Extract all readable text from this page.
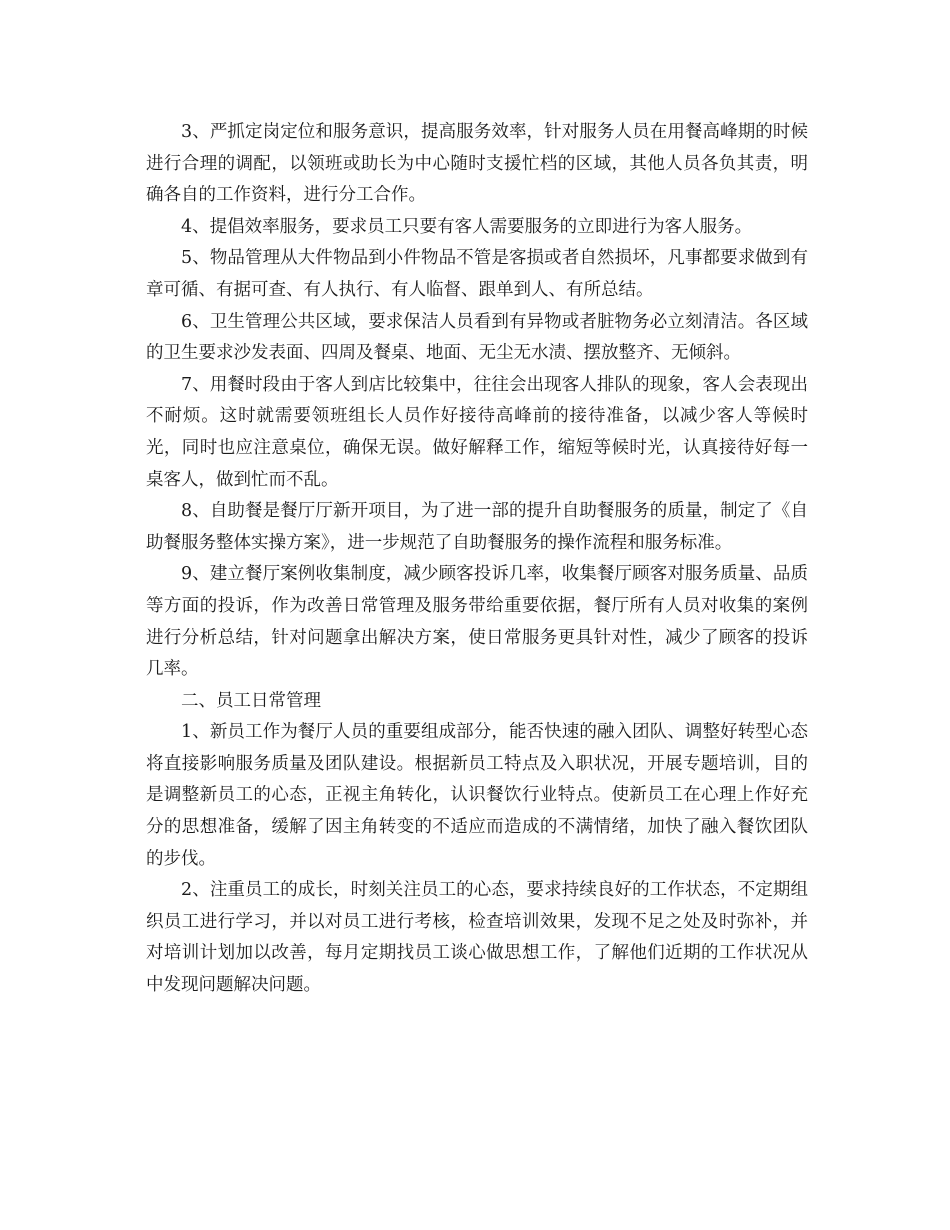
3、严抓定岗定位和服务意识，提高服务效率，针对服务人员在用餐高峰期的时候进行合理的调配，以领班或助长为中心随时支援忙档的区域，其他人员各负其责，明确各自的工作资料，进行分工合作。

4、提倡效率服务，要求员工只要有客人需要服务的立即进行为客人服务。

5、物品管理从大件物品到小件物品不管是客损或者自然损坏，凡事都要求做到有章可循、有据可查、有人执行、有人临督、跟单到人、有所总结。

6、卫生管理公共区域，要求保洁人员看到有异物或者脏物务必立刻清洁。各区域的卫生要求沙发表面、四周及餐桌、地面、无尘无水渍、摆放整齐、无倾斜。

7、用餐时段由于客人到店比较集中，往往会出现客人排队的现象，客人会表现出不耐烦。这时就需要领班组长人员作好接待高峰前的接待准备，以减少客人等候时光，同时也应注意桌位，确保无误。做好解释工作，缩短等候时光，认真接待好每一桌客人，做到忙而不乱。

8、自助餐是餐厅厅新开项目，为了进一部的提升自助餐服务的质量，制定了《自助餐服务整体实操方案》，进一步规范了自助餐服务的操作流程和服务标准。

9、建立餐厅案例收集制度，减少顾客投诉几率，收集餐厅顾客对服务质量、品质等方面的投诉，作为改善日常管理及服务带给重要依据，餐厅所有人员对收集的案例进行分析总结，针对问题拿出解决方案，使日常服务更具针对性，减少了顾客的投诉几率。

二、员工日常管理

1、新员工作为餐厅人员的重要组成部分，能否快速的融入团队、调整好转型心态将直接影响服务质量及团队建设。根据新员工特点及入职状况，开展专题培训，目的是调整新员工的心态，正视主角转化，认识餐饮行业特点。使新员工在心理上作好充分的思想准备，缓解了因主角转变的不适应而造成的不满情绪，加快了融入餐饮团队的步伐。

2、注重员工的成长，时刻关注员工的心态，要求持续良好的工作状态，不定期组织员工进行学习，并以对员工进行考核，检查培训效果，发现不足之处及时弥补，并对培训计划加以改善，每月定期找员工谈心做思想工作，了解他们近期的工作状况从中发现问题解决问题。
